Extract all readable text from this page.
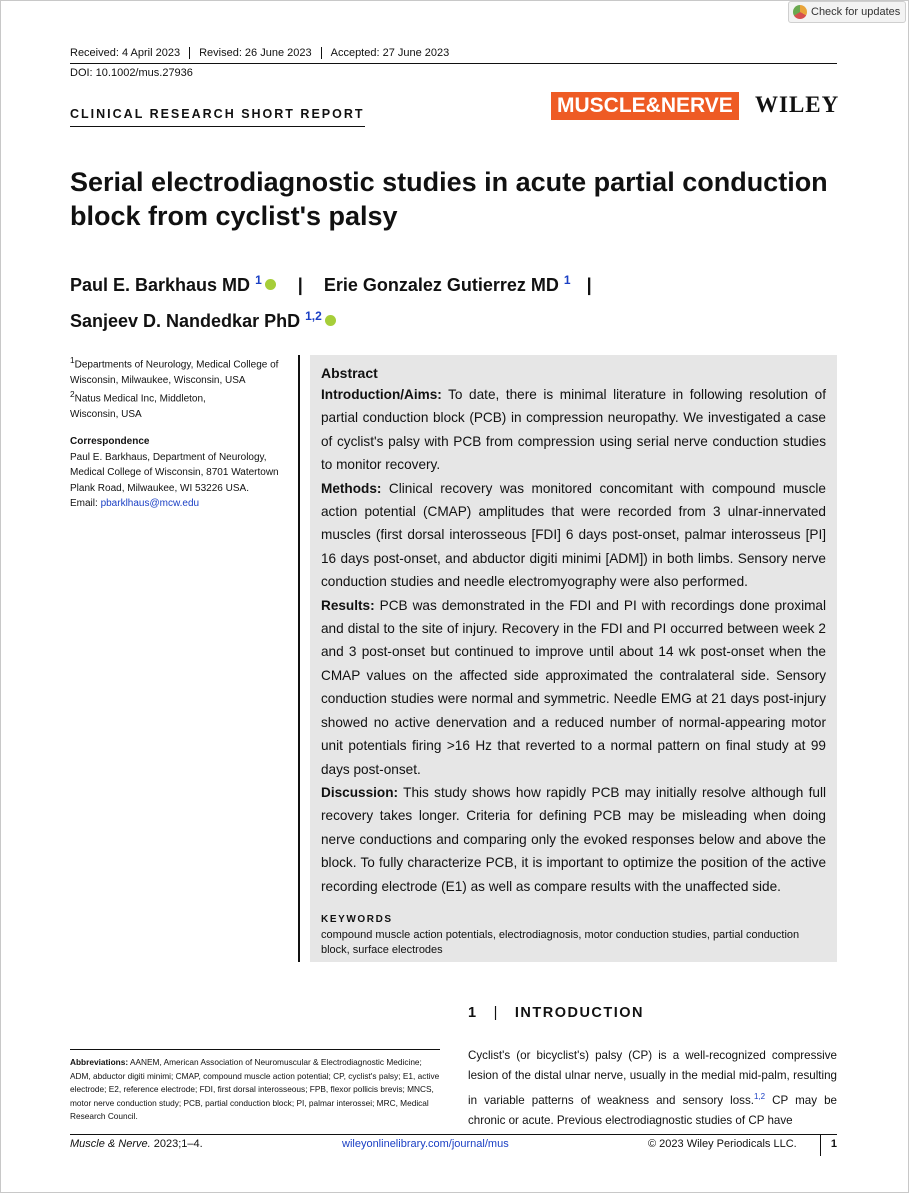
Check for updates
Received: 4 April 2023	Revised: 26 June 2023	Accepted: 27 June 2023
DOI: 10.1002/mus.27936
CLINICAL RESEARCH SHORT REPORT	MUSCLE&NERVE WILEY
Serial electrodiagnostic studies in acute partial conduction block from cyclist's palsy
Paul E. Barkhaus MD $^1$ | Erie Gonzalez Gutierrez MD $^1$ |
Sanjeev D. Nandedkar PhD $^{1,2}$
$^1$Departments of Neurology, Medical College of Wisconsin, Milwaukee, Wisconsin, USA
$^2$Natus Medical Inc, Middleton, Wisconsin, USA
Correspondence
Paul E. Barkhaus, Department of Neurology, Medical College of Wisconsin, 8701 Watertown Plank Road, Milwaukee, WI 53226 USA.
Email: pbarklhaus@mcw.edu
Abstract

Introduction/Aims: To date, there is minimal literature in following resolution of partial conduction block (PCB) in compression neuropathy. We investigated a case of cyclist's palsy with PCB from compression using serial nerve conduction studies to monitor recovery.

Methods: Clinical recovery was monitored concomitant with compound muscle action potential (CMAP) amplitudes that were recorded from 3 ulnar-innervated muscles (first dorsal interosseous [FDI] 6 days post-onset, palmar interosseus [PI] 16 days post-onset, and abductor digiti minimi [ADM]) in both limbs. Sensory nerve conduction studies and needle electromyography were also performed.

Results: PCB was demonstrated in the FDI and PI with recordings done proximal and distal to the site of injury. Recovery in the FDI and PI occurred between week 2 and 3 post-onset but continued to improve until about 14 wk post-onset when the CMAP values on the affected side approximated the contralateral side. Sensory conduction studies were normal and symmetric. Needle EMG at 21 days post-injury showed no active denervation and a reduced number of normal-appearing motor unit potentials firing >16 Hz that reverted to a normal pattern on final study at 99 days post-onset.

Discussion: This study shows how rapidly PCB may initially resolve although full recovery takes longer. Criteria for defining PCB may be misleading when doing nerve conductions and comparing only the evoked responses below and above the block. To fully characterize PCB, it is important to optimize the position of the active recording electrode (E1) as well as compare results with the unaffected side.

KEYWORDS
compound muscle action potentials, electrodiagnosis, motor conduction studies, partial conduction block, surface electrodes
1 | INTRODUCTION
Abbreviations: AANEM, American Association of Neuromuscular & Electrodiagnostic Medicine; ADM, abductor digiti minimi; CMAP, compound muscle action potential; CP, cyclist's palsy; E1, active electrode; E2, reference electrode; FDI, first dorsal interosseous; FPB, flexor pollicis brevis; MNCS, motor nerve conduction study; PCB, partial conduction block; PI, palmar interossei; MRC, Medical Research Council.
Cyclist's (or bicyclist's) palsy (CP) is a well-recognized compressive lesion of the distal ulnar nerve, usually in the medial mid-palm, resulting in variable patterns of weakness and sensory loss.$^{1,2}$ CP may be chronic or acute. Previous electrodiagnostic studies of CP have
Muscle & Nerve. 2023;1–4.	wileyonlinelibrary.com/journal/mus	© 2023 Wiley Periodicals LLC.	1
